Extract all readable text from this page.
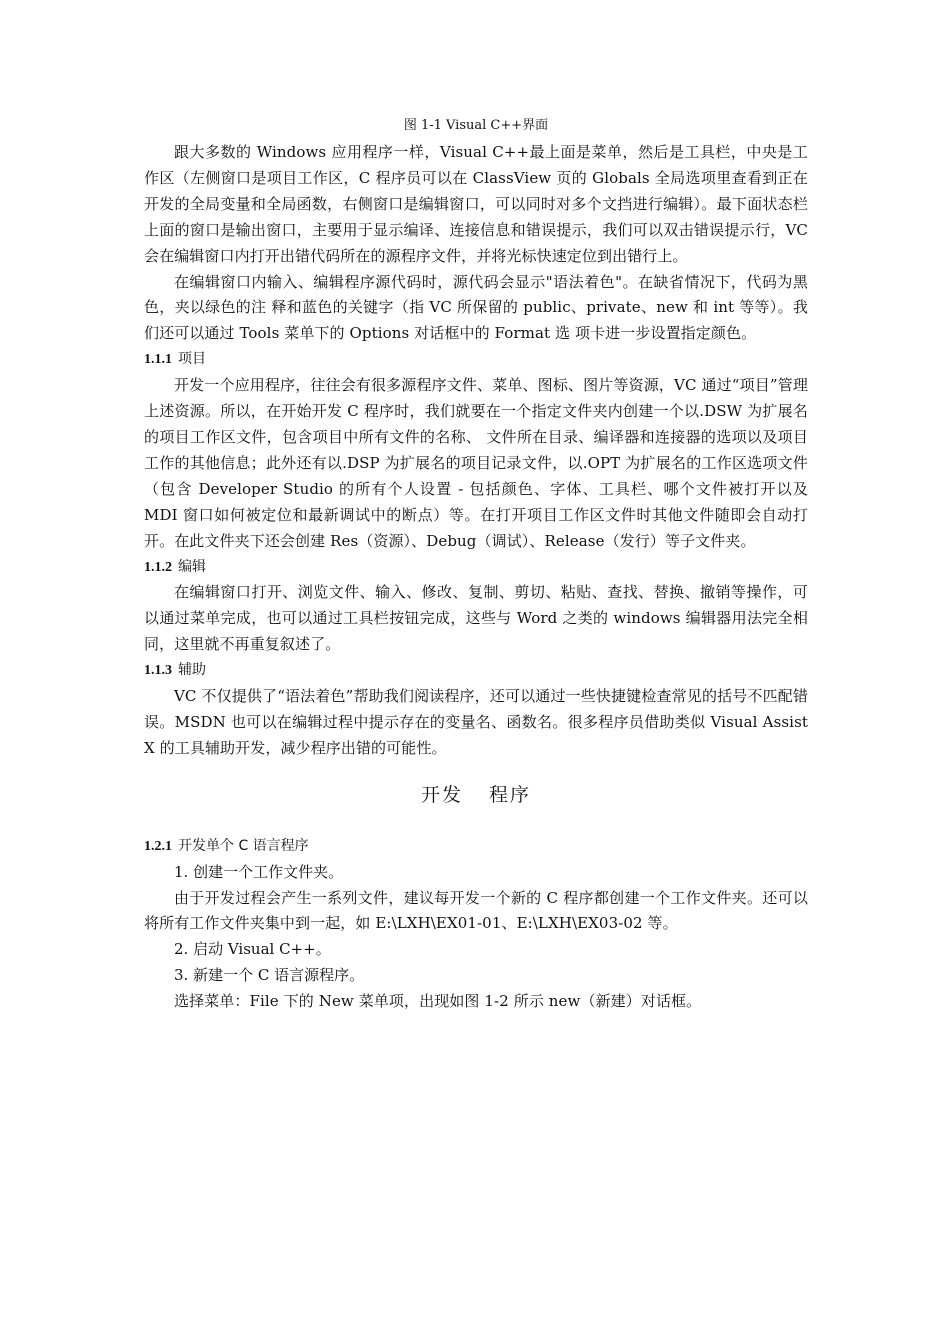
图 1-1 Visual C++界面

跟大多数的 Windows 应用程序一样，Visual C++最上面是菜单，然后是工具栏，中央是工作区（左侧窗口是项目工作区，C 程序员可以在 ClassView 页的 Globals 全局选项里查看到正在开发的全局变量和全局函数，右侧窗口是编辑窗口，可以同时对多个文挡进行编辑）。最下面状态栏上面的窗口是输出窗口，主要用于显示编译、连接信息和错误提示，我们可以双击错误提示行，VC 会在编辑窗口内打开出错代码所在的源程序文件，并将光标快速定位到出错行上。

在编辑窗口内输入、编辑程序源代码时，源代码会显示"语法着色"。在缺省情况下，代码为黑色，夹以绿色的注 释和蓝色的关键字（指 VC 所保留的 public、private、new 和 int 等等）。我们还可以通过 Tools 菜单下的 Options 对话框中的 Format 选 项卡进一步设置指定颜色。

1.1.1 项目

开发一个应用程序，往往会有很多源程序文件、菜单、图标、图片等资源，VC 通过“项目”管理上述资源。所以，在开始开发 C 程序时，我们就要在一个指定文件夹内创建一个以.DSW 为扩展名的项目工作区文件，包含项目中所有文件的名称、 文件所在目录、编译器和连接器的选项以及项目工作的其他信息；此外还有以.DSP 为扩展名的项目记录文件，以.OPT 为扩展名的工作区选项文件（包含 Developer Studio 的所有个人设置 - 包括颜色、字体、工具栏、哪个文件被打开以及 MDI 窗口如何被定位和最新调试中的断点）等。在打开项目工作区文件时其他文件随即会自动打开。在此文件夹下还会创建 Res（资源）、Debug（调试）、Release（发行）等子文件夹。

1.1.2 编辑

在编辑窗口打开、浏览文件、输入、修改、复制、剪切、粘贴、查找、替换、撤销等操作，可以通过菜单完成，也可以通过工具栏按钮完成，这些与 Word 之类的 windows 编辑器用法完全相同，这里就不再重复叙述了。

1.1.3 辅助

VC 不仅提供了“语法着色”帮助我们阅读程序，还可以通过一些快捷键检查常见的括号不匹配错误。MSDN 也可以在编辑过程中提示存在的变量名、函数名。很多程序员借助类似 Visual Assist X 的工具辅助开发，减少程序出错的可能性。

开发 程序
1.2.1 开发单个 C 语言程序

1. 创建一个工作文件夹。

由于开发过程会产生一系列文件，建议每开发一个新的 C 程序都创建一个工作文件夹。还可以将所有工作文件夹集中到一起，如 E:\LXH\EX01-01、E:\LXH\EX03-02 等。

2. 启动 Visual C++。

3. 新建一个 C 语言源程序。

选择菜单：File 下的 New 菜单项，出现如图 1-2 所示 new（新建）对话框。
